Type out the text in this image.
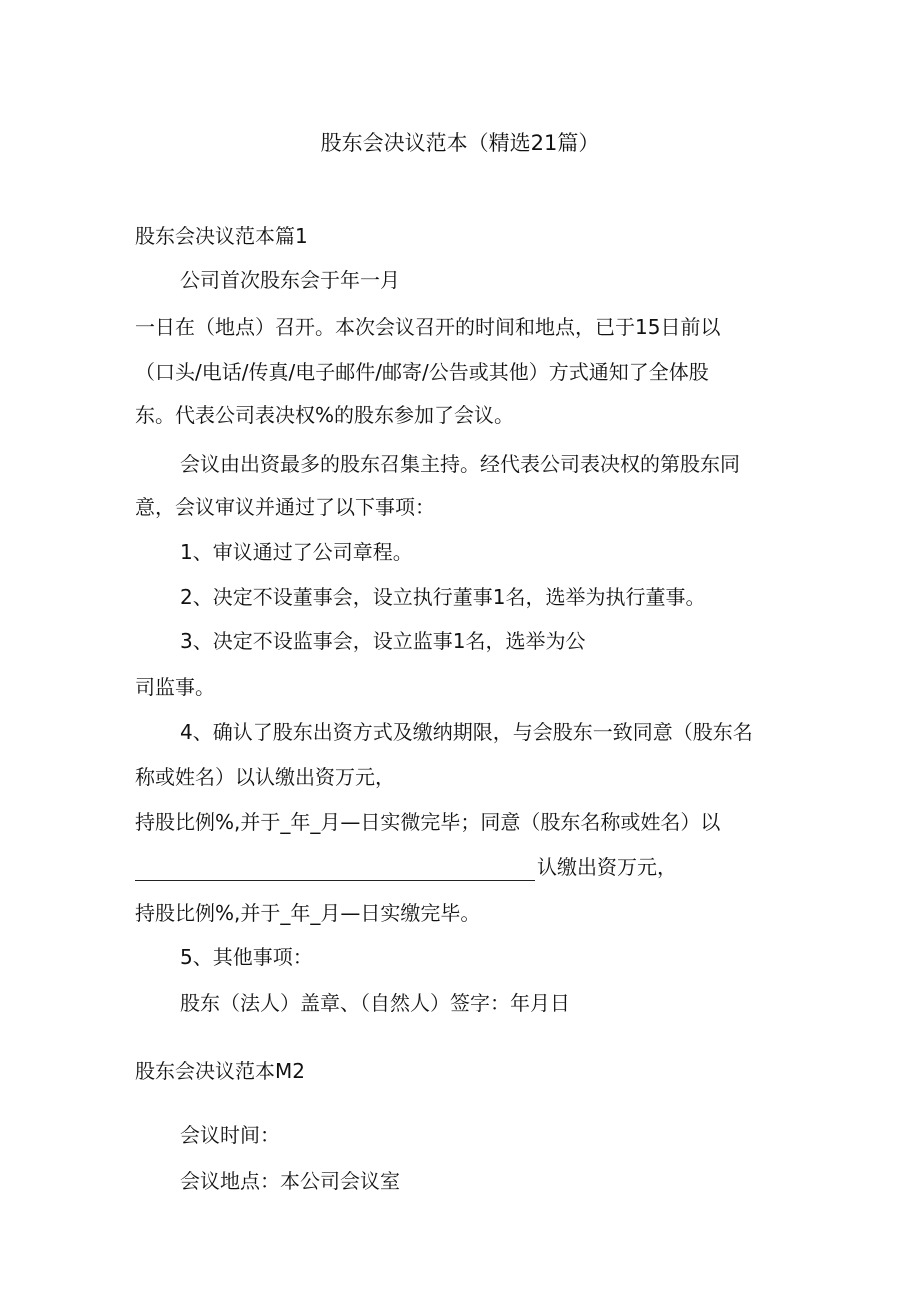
股东会决议范本（精选21篇）
股东会决议范本篇1
公司首次股东会于年一月
一日在（地点）召开。本次会议召开的时间和地点，已于15日前以
（口头/电话/传真/电子邮件/邮寄/公告或其他）方式通知了全体股
东。代表公司表决权%的股东参加了会议。
会议由出资最多的股东召集主持。经代表公司表决权的第股东同
意，会议审议并通过了以下事项：
1、审议通过了公司章程。
2、决定不设董事会，设立执行董事1名，选举为执行董事。
3、决定不设监事会，设立监事1名，选举为公
司监事。
4、确认了股东出资方式及缴纳期限，与会股东一致同意（股东名
称或姓名）以认缴出资万元，
持股比例%,并于_年_月—日实微完毕；同意（股东名称或姓名）以
认缴出资万元，
持股比例%,并于_年_月—日实缴完毕。
5、其他事项：
股东（法人）盖章、（自然人）签字：年月日
股东会决议范本M2
会议时间：
会议地点：本公司会议室
